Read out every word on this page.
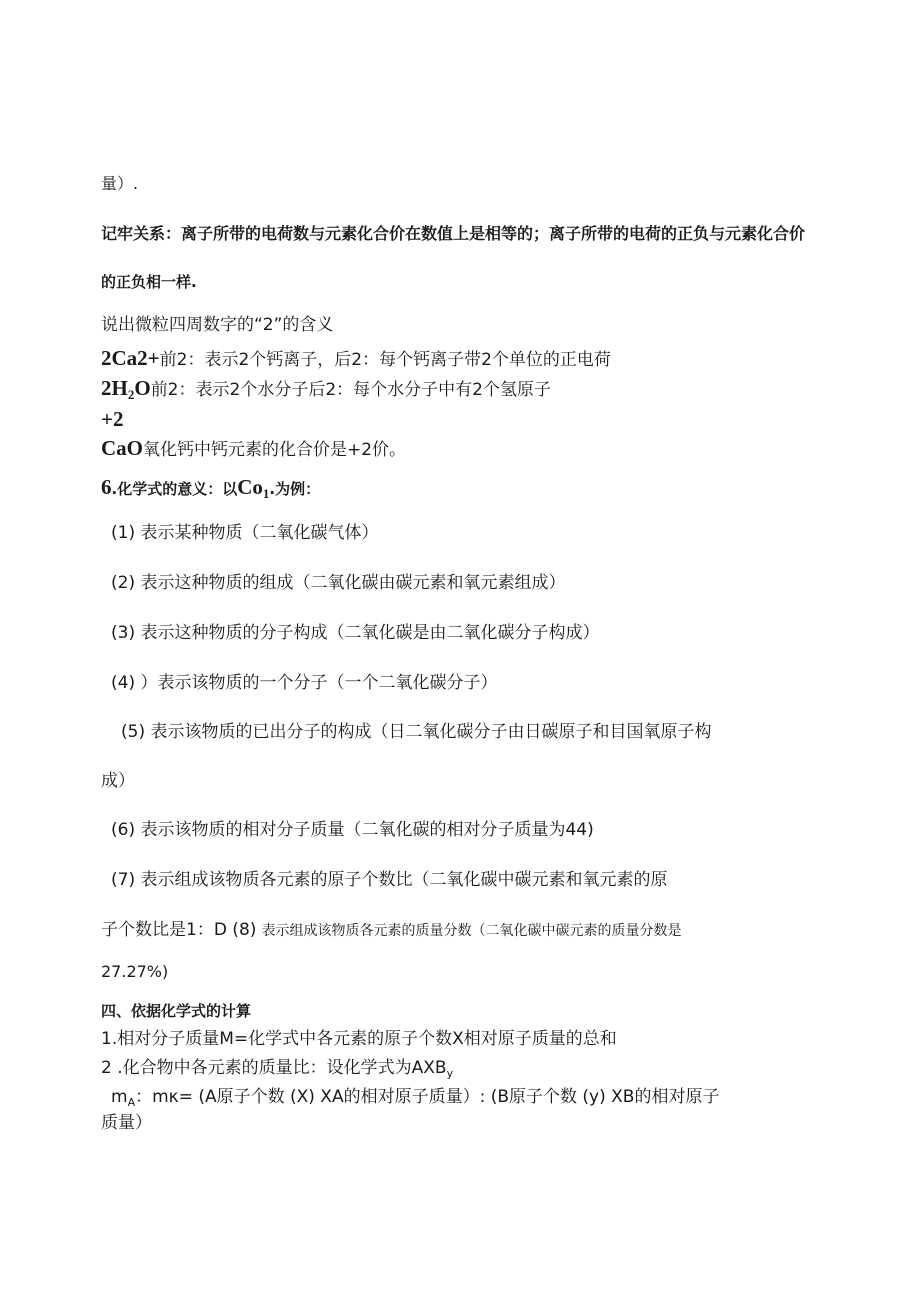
量）.
记牢关系：离子所带的电荷数与元素化合价在数值上是相等的；离子所带的电荷的正负与元素化合价
的正负相一样.
说出微粒四周数字的“2”的含义
2Ca2+前2：表示2个钙离子，后2：每个钙离子带2个单位的正电荷
$2H_2O$前2：表示2个水分子后2：每个水分子中有2个氢原子
+2
CaO氧化钙中钙元素的化合价是+2价。
6.化学式的意义：以$Co_1$.为例：
(1) 表示某种物质（二氧化碳气体）
(2) 表示这种物质的组成（二氧化碳由碳元素和氧元素组成）
(3) 表示这种物质的分子构成（二氧化碳是由二氧化碳分子构成）
(4) ）表示该物质的一个分子（一个二氧化碳分子）
(5) 表示该物质的已出分子的构成（日二氧化碳分子由日碳原子和目国氧原子构
成）
(6) 表示该物质的相对分子质量（二氧化碳的相对分子质量为44)
(7) 表示组成该物质各元素的原子个数比（二氧化碳中碳元素和氧元素的原
子个数比是1：D (8) 表示组成该物质各元素的质量分数（二氧化碳中碳元素的质量分数是
27.27%)
四、依据化学式的计算
1.相对分子质量M=化学式中各元素的原子个数X相对原子质量的总和
2 .化合物中各元素的质量比：设化学式为$AXB_y$
$m_A$：mκ= (A原子个数 (X) XA的相对原子质量）: (B原子个数 (y) XB的相对原子
质量）
